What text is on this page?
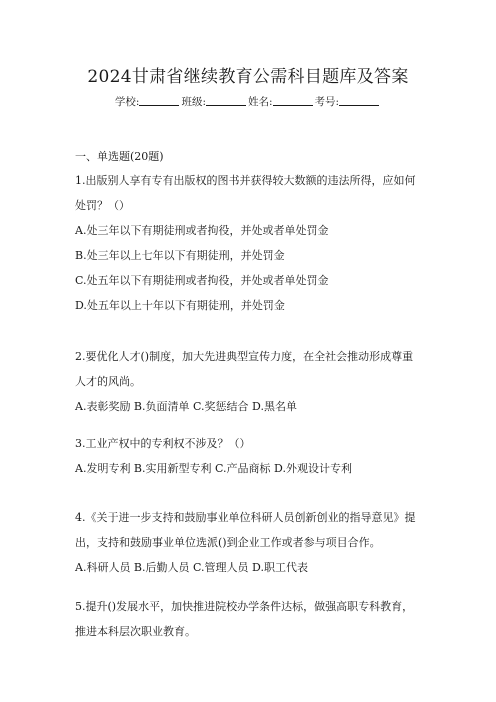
2024甘肃省继续教育公需科目题库及答案
学校:	班级:	姓名:	考号:
一、单选题(20题)
1.出版别人享有专有出版权的图书并获得较大数额的违法所得，应如何
处罚？（）
A.处三年以下有期徒刑或者拘役，并处或者单处罚金
B.处三年以上七年以下有期徒刑，并处罚金
C.处五年以下有期徒刑或者拘役，并处或者单处罚金
D.处五年以上十年以下有期徒刑，并处罚金
2.要优化人才()制度，加大先进典型宣传力度，在全社会推动形成尊重
人才的风尚。
A.表彰奖励 B.负面清单 C.奖惩结合 D.黑名单
3.工业产权中的专利权不涉及？（）
A.发明专利 B.实用新型专利 C.产品商标 D.外观设计专利
4.《关于进一步支持和鼓励事业单位科研人员创新创业的指导意见》提
出，支持和鼓励事业单位选派()到企业工作或者参与项目合作。
A.科研人员 B.后勤人员 C.管理人员 D.职工代表
5.提升()发展水平，加快推进院校办学条件达标，做强高职专科教育，
推进本科层次职业教育。
